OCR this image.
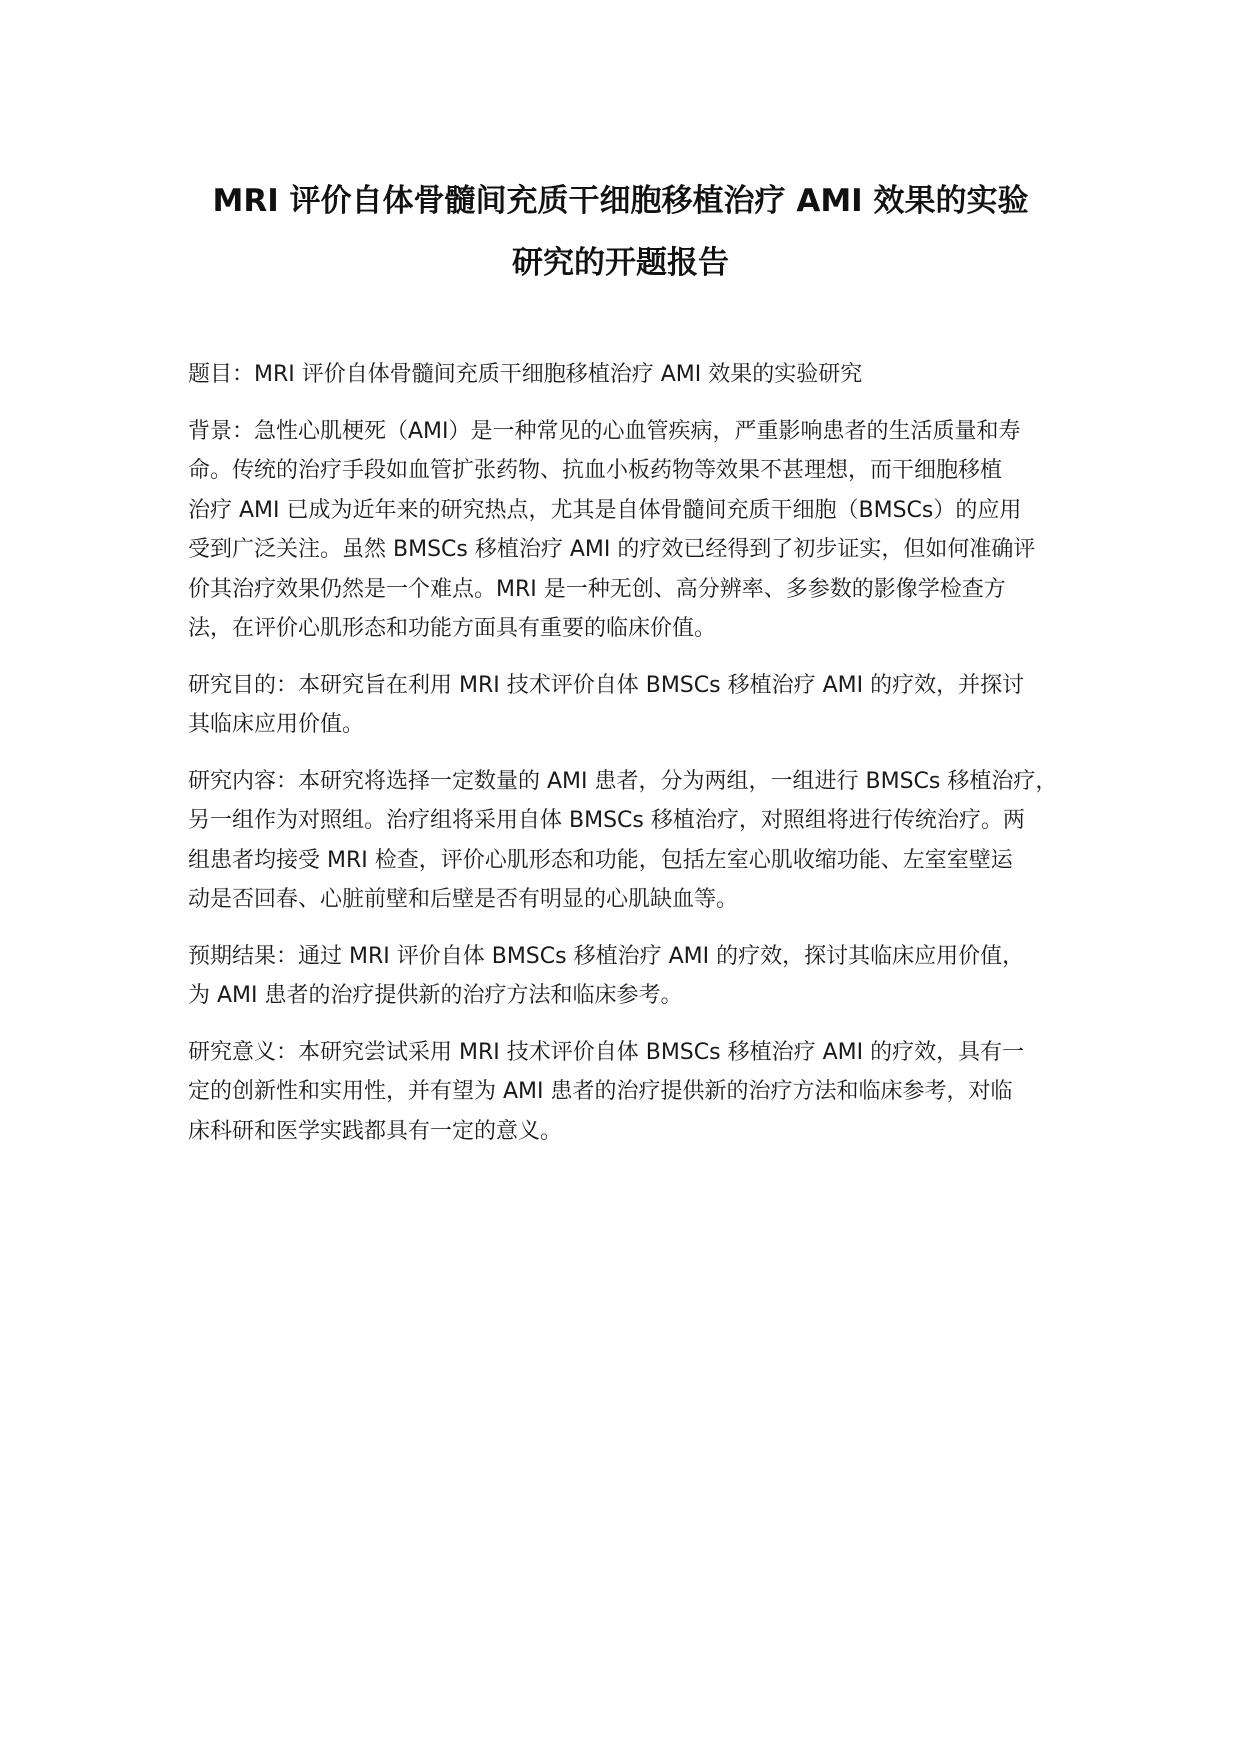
MRI 评价自体骨髓间充质干细胞移植治疗 AMI 效果的实验
研究的开题报告

题目：MRI 评价自体骨髓间充质干细胞移植治疗 AMI 效果的实验研究

背景：急性心肌梗死（AMI）是一种常见的心血管疾病，严重影响患者的生活质量和寿
命。传统的治疗手段如血管扩张药物、抗血小板药物等效果不甚理想，而干细胞移植
治疗 AMI 已成为近年来的研究热点，尤其是自体骨髓间充质干细胞（BMSCs）的应用
受到广泛关注。虽然 BMSCs 移植治疗 AMI 的疗效已经得到了初步证实，但如何准确评
价其治疗效果仍然是一个难点。MRI 是一种无创、高分辨率、多参数的影像学检查方
法，在评价心肌形态和功能方面具有重要的临床价值。

研究目的：本研究旨在利用 MRI 技术评价自体 BMSCs 移植治疗 AMI 的疗效，并探讨
其临床应用价值。

研究内容：本研究将选择一定数量的 AMI 患者，分为两组，一组进行 BMSCs 移植治疗，
另一组作为对照组。治疗组将采用自体 BMSCs 移植治疗，对照组将进行传统治疗。两
组患者均接受 MRI 检查，评价心肌形态和功能，包括左室心肌收缩功能、左室室壁运
动是否回春、心脏前壁和后壁是否有明显的心肌缺血等。

预期结果：通过 MRI 评价自体 BMSCs 移植治疗 AMI 的疗效，探讨其临床应用价值，
为 AMI 患者的治疗提供新的治疗方法和临床参考。

研究意义：本研究尝试采用 MRI 技术评价自体 BMSCs 移植治疗 AMI 的疗效，具有一
定的创新性和实用性，并有望为 AMI 患者的治疗提供新的治疗方法和临床参考，对临
床科研和医学实践都具有一定的意义。
